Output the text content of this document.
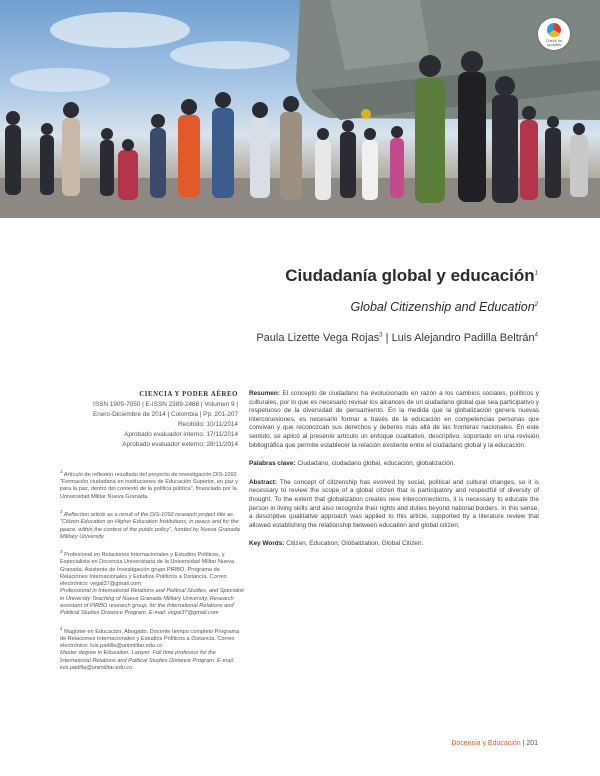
Check for updates
Ciudadanía global y educación$^1$
Global Citizenship and Education$^2$
Paula Lizette Vega Rojas$^3$ | Luis Alejandro Padilla Beltrán$^4$
CIENCIA Y PODER AÉREO
ISSN 1909-7050 | E-ISSN 2389-2468 | Volumen 9 |
Enero-Diciembre de 2014 | Colombia | Pp. 201-207
Recibido: 10/11/2014
Aprobado evaluador interno: 17/11/2014
Aprobado evaluador externo: 28/11/2014

$^1$ Artículo de reflexión resultado del proyecto de investigación DIS-1092 "Formación ciudadana en instituciones de Educación Superior, en paz y para la paz, dentro del contexto de la política pública", financiado por la Universidad Militar Nueva Granada.

$^2$ Reflection article as a result of the DIS-1092 research project title as "Citizen Education on Higher Education Institutions, in peace and for the peace, within the context of the public policy", funded by Nueva Granada Military University.

$^3$ Profesional en Relaciones Internacionales y Estudios Políticos, y Especialista en Docencia Universitaria de la Universidad Militar Nueva Granada. Asistente de Investigación grupo PIRBO, Programa de Relaciones Internacionales y Estudios Políticos a Distancia. Correo electrónico: vegal37@gmail.com
Professional in International Relations and Political Studies, and Specialist in University Teaching of Nueva Granada Military University. Research assistant of PIRBO research group, for the International Relations and Political Studies Distance Program. E-mail: vegal37@gmail.com

$^4$ Magíster en Educación, Abogado. Docente tiempo completo Programa de Relaciones Internacionales y Estudios Políticos a Distancia. Correo electrónico: luis.padilla@unimilitar.edu.co
Master degree in Education, Lawyer. Full time professor for the International Relations and Political Studies Distance Program. E-mail: luis.padilla@unimilitar.edu.co

Resumen: El concepto de ciudadano ha evolucionado en razón a los cambios sociales, políticos y culturales, por lo que es necesario revisar los alcances de un ciudadano global que sea participativo y respetuoso de la diversidad de pensamiento. En la medida que la globalización genera nuevas interconexiones, es necesario formar a través de la educación en competencias personas que convivan y que reconozcan sus derechos y deberes más allá de las fronteras nacionales. En este sentido, se aplicó al presente artículo un enfoque cualitativo, descriptivo, soportado en una revisión bibliográfica que permite establecer la relación existente entre el ciudadano global y la educación.

Palabras clave: Ciudadano, ciudadano global, educación, globalización.

Abstract: The concept of citizenship has evolved by social, political and cultural changes, so it is necessary to review the scope of a global citizen that is participatory and respectful of diversity of thought. To the extent that globalization creates new interconnections, it is necessary to educate the person in living skills and also recognize their rights and duties beyond national borders. In this sense, a descriptive qualitative approach was applied to this article, supported by a literature review that allowed establishing the relationship between education and global citizen.

Key Words: Citizen, Education, Globalization, Global Citizen.

Docencia y Educación | 201
